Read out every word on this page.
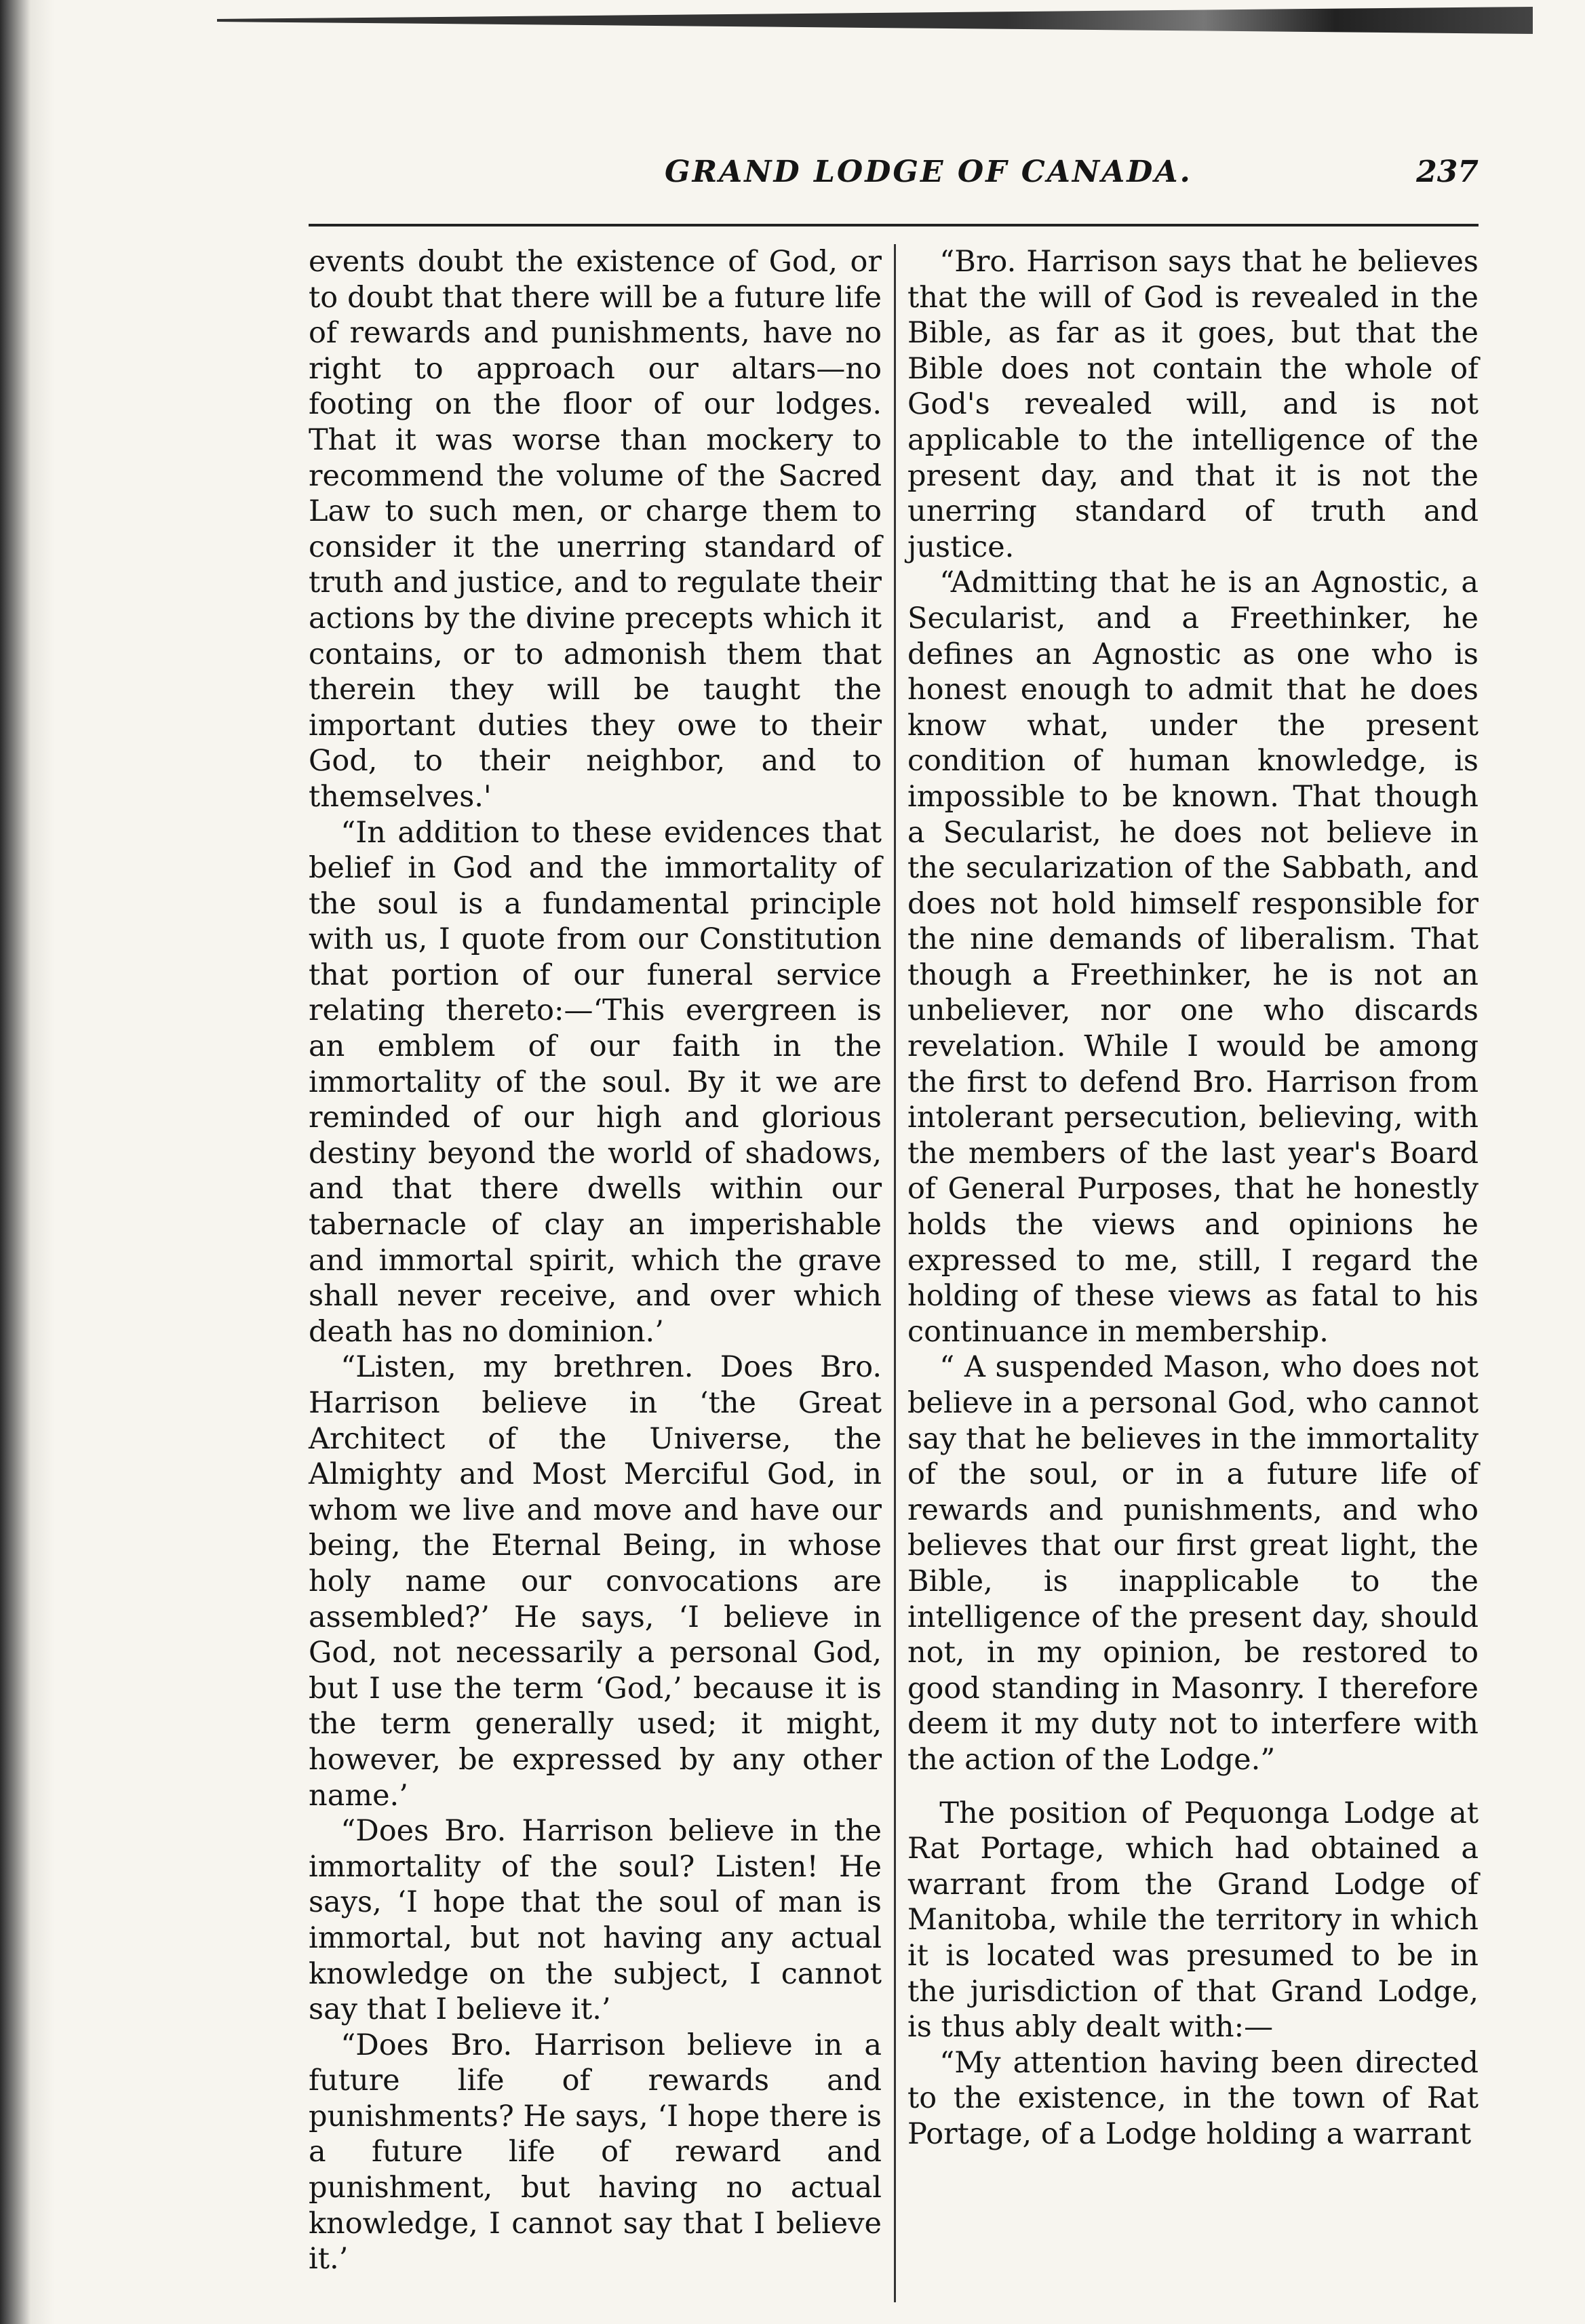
GRAND LODGE OF CANADA.	237

events doubt the existence of God, or to doubt that there will be a future life of rewards and punishments, have no right to approach our altars—no footing on the floor of our lodges. That it was worse than mockery to recommend the volume of the Sacred Law to such men, or charge them to consider it the unerring standard of truth and justice, and to regulate their actions by the divine precepts which it contains, or to admonish them that therein they will be taught the important duties they owe to their God, to their neighbor, and to themselves.'

“In addition to these evidences that belief in God and the immortality of the soul is a fundamental principle with us, I quote from our Constitution that portion of our funeral service relating thereto:—‘This evergreen is an emblem of our faith in the immortality of the soul. By it we are reminded of our high and glorious destiny beyond the world of shadows, and that there dwells within our tabernacle of clay an imperishable and immortal spirit, which the grave shall never receive, and over which death has no dominion.’

“Listen, my brethren. Does Bro. Harrison believe in ‘the Great Architect of the Universe, the Almighty and Most Merciful God, in whom we live and move and have our being, the Eternal Being, in whose holy name our convocations are assembled?’ He says, ‘I believe in God, not necessarily a personal God, but I use the term ‘God,’ because it is the term generally used; it might, however, be expressed by any other name.’

“Does Bro. Harrison believe in the immortality of the soul? Listen! He says, ‘I hope that the soul of man is immortal, but not having any actual knowledge on the subject, I cannot say that I believe it.’

“Does Bro. Harrison believe in a future life of rewards and punishments? He says, ‘I hope there is a future life of reward and punishment, but having no actual knowledge, I cannot say that I believe it.’

“Bro. Harrison says that he believes that the will of God is revealed in the Bible, as far as it goes, but that the Bible does not contain the whole of God's revealed will, and is not applicable to the intelligence of the present day, and that it is not the unerring standard of truth and justice.

“Admitting that he is an Agnostic, a Secularist, and a Freethinker, he defines an Agnostic as one who is honest enough to admit that he does know what, under the present condition of human knowledge, is impossible to be known. That though a Secularist, he does not believe in the secularization of the Sabbath, and does not hold himself responsible for the nine demands of liberalism. That though a Freethinker, he is not an unbeliever, nor one who discards revelation. While I would be among the first to defend Bro. Harrison from intolerant persecution, believing, with the members of the last year's Board of General Purposes, that he honestly holds the views and opinions he expressed to me, still, I regard the holding of these views as fatal to his continuance in membership.

“ A suspended Mason, who does not believe in a personal God, who cannot say that he believes in the immortality of the soul, or in a future life of rewards and punishments, and who believes that our first great light, the Bible, is inapplicable to the intelligence of the present day, should not, in my opinion, be restored to good standing in Masonry. I therefore deem it my duty not to interfere with the action of the Lodge.”

The position of Pequonga Lodge at Rat Portage, which had obtained a warrant from the Grand Lodge of Manitoba, while the territory in which it is located was presumed to be in the jurisdiction of that Grand Lodge, is thus ably dealt with:—

“My attention having been directed to the existence, in the town of Rat Portage, of a Lodge holding a warrant
